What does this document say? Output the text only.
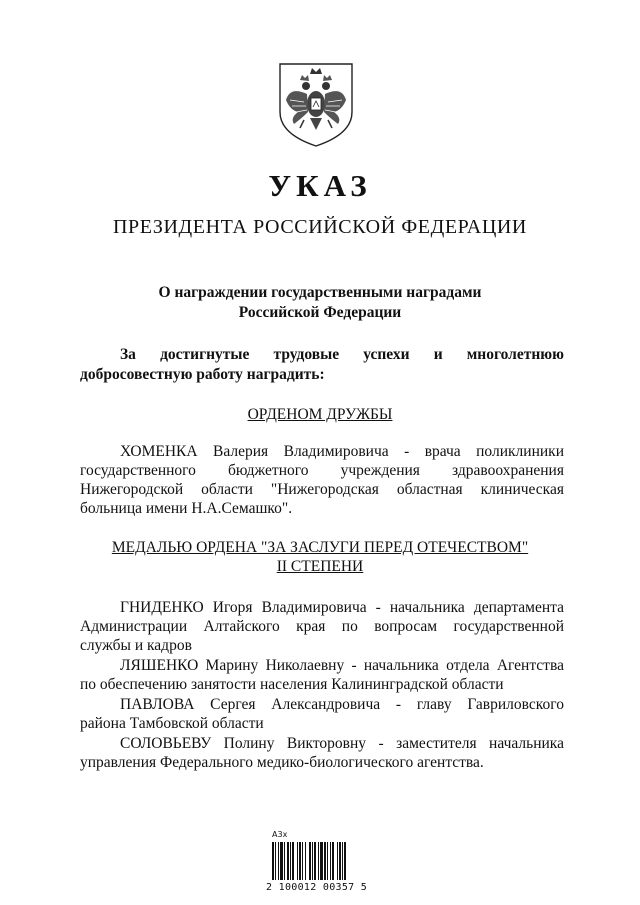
УКАЗ
ПРЕЗИДЕНТА РОССИЙСКОЙ ФЕДЕРАЦИИ
О награждении государственными наградами
Российской Федерации
За достигнутые трудовые успехи и многолетнюю
добросовестную работу наградить:
ОРДЕНОМ ДРУЖБЫ
ХОМЕНКА Валерия Владимировича - врача поликлиники
государственного бюджетного учреждения здравоохранения
Нижегородской области "Нижегородская областная клиническая
больница имени Н.А.Семашко".
МЕДАЛЬЮ ОРДЕНА "ЗА ЗАСЛУГИ ПЕРЕД ОТЕЧЕСТВОМ"
II СТЕПЕНИ
ГНИДЕНКО Игоря Владимировича - начальника департамента
Администрации Алтайского края по вопросам государственной
службы и кадров
ЛЯШЕНКО Марину Николаевну - начальника отдела Агентства
по обеспечению занятости населения Калининградской области
ПАВЛОВА Сергея Александровича - главу Гавриловского
района Тамбовской области
СОЛОВЬЕВУ Полину Викторовну - заместителя начальника
управления Федерального медико-биологического агентства.
A3x
2 100012 00357 5
